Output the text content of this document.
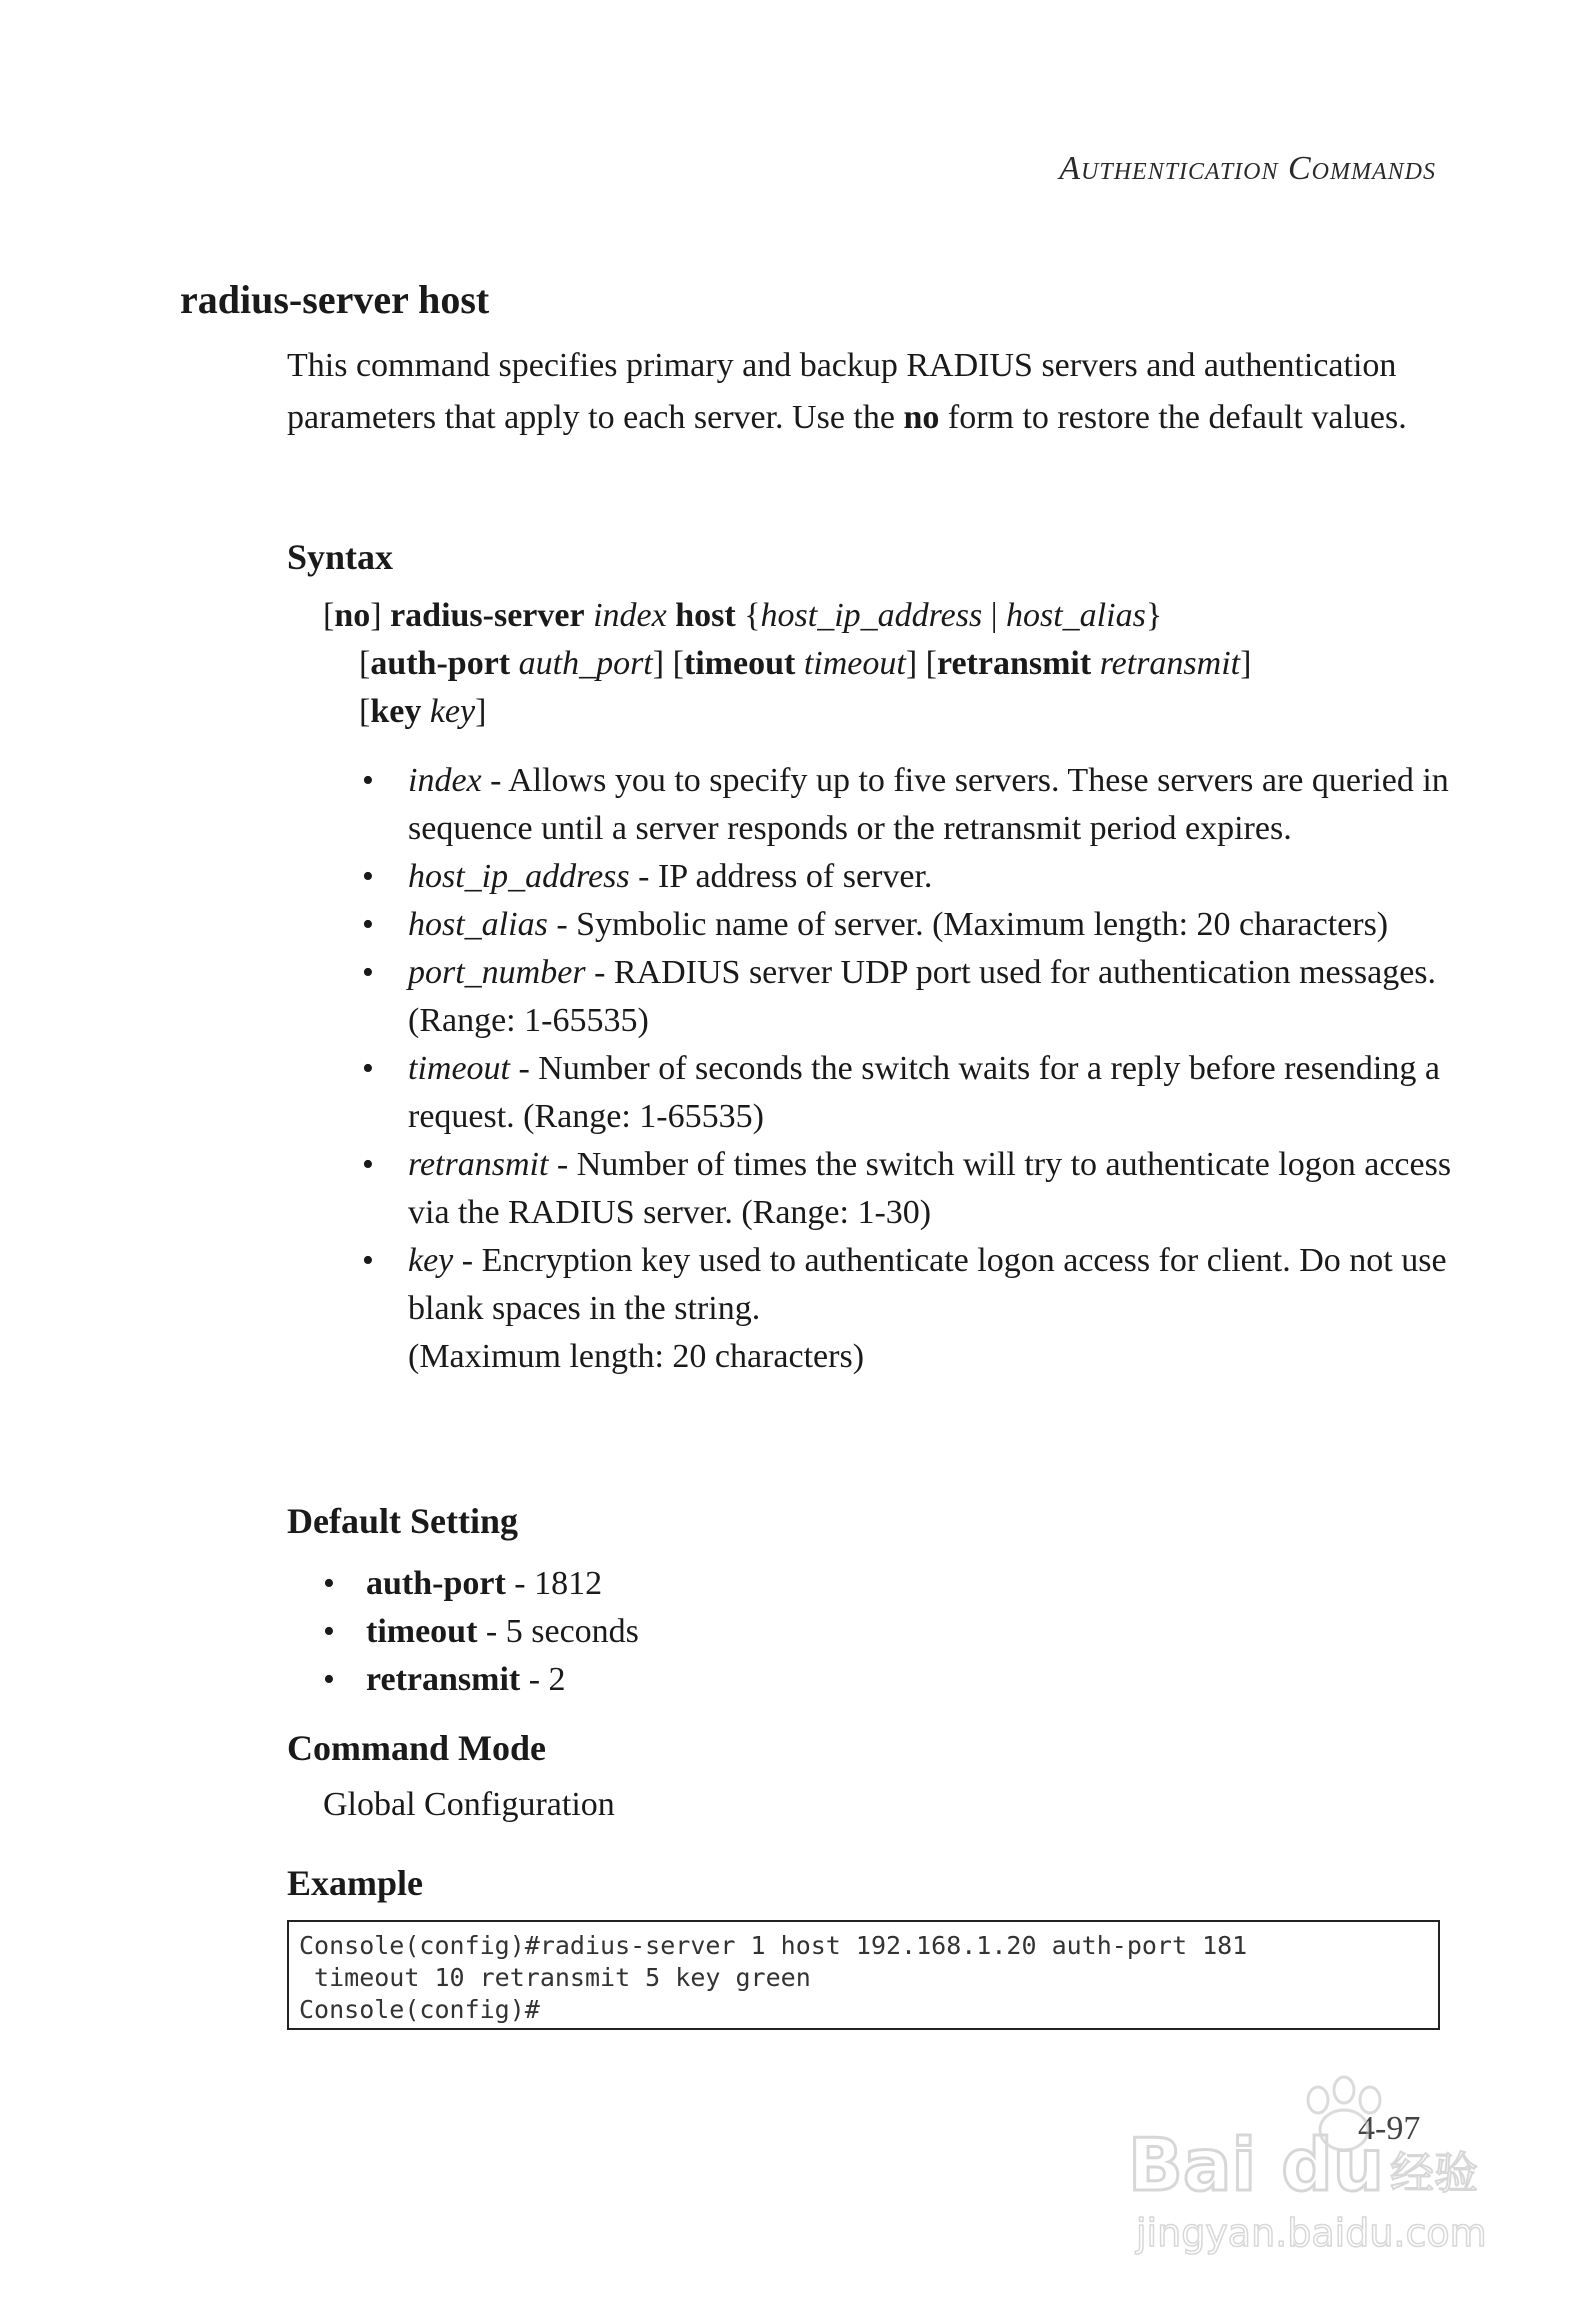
Authentication Commands
radius-server host

This command specifies primary and backup RADIUS servers and authentication parameters that apply to each server. Use the no form to restore the default values.

Syntax
[no] radius-server index host {host_ip_address | host_alias}
[auth-port auth_port] [timeout timeout] [retransmit retransmit]
[key key]
• index - Allows you to specify up to five servers. These servers are queried in sequence until a server responds or the retransmit period expires.
• host_ip_address - IP address of server.
• host_alias - Symbolic name of server. (Maximum length: 20 characters)
• port_number - RADIUS server UDP port used for authentication messages. (Range: 1-65535)
• timeout - Number of seconds the switch waits for a reply before resending a request. (Range: 1-65535)
• retransmit - Number of times the switch will try to authenticate logon access via the RADIUS server. (Range: 1-30)
• key - Encryption key used to authenticate logon access for client. Do not use blank spaces in the string.
(Maximum length: 20 characters)
Default Setting
• auth-port - 1812
• timeout - 5 seconds
• retransmit - 2
Command Mode
Global Configuration
Example
Console(config)#radius-server 1 host 192.168.1.20 auth-port 181
timeout 10 retransmit 5 key green
Console(config)#
4-97
Bai du 经验
jingyan.baidu.com
